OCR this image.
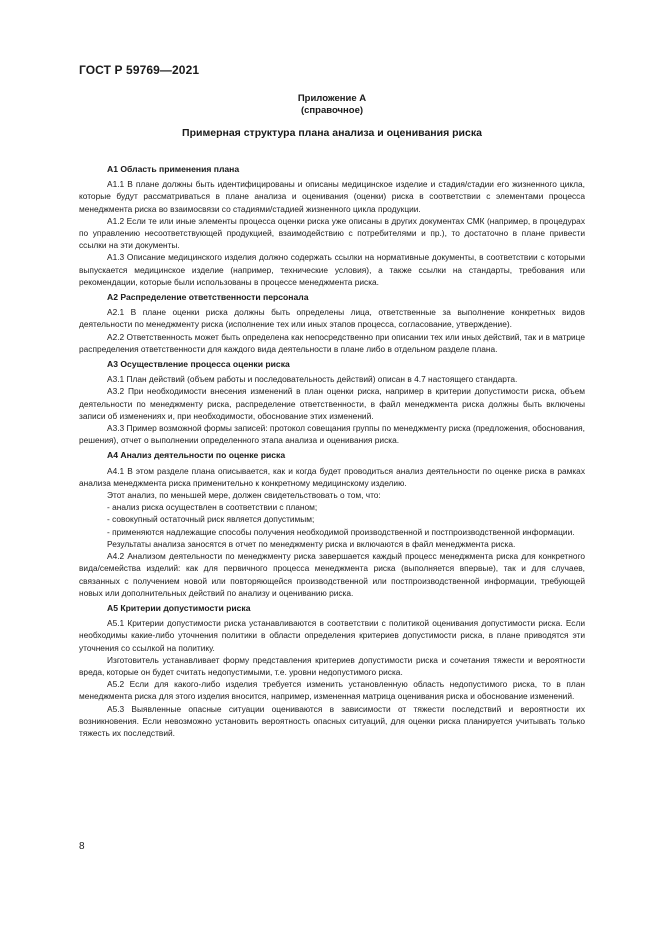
ГОСТ Р 59769—2021
Приложение А
(справочное)
Примерная структура плана анализа и оценивания риска
А1 Область применения плана

А1.1 В плане должны быть идентифицированы и описаны медицинское изделие и стадия/стадии его жизненного цикла, которые будут рассматриваться в плане анализа и оценивания (оценки) риска в соответствии с элементами процесса менеджмента риска во взаимосвязи со стадиями/стадией жизненного цикла продукции.

А1.2 Если те или иные элементы процесса оценки риска уже описаны в других документах СМК (например, в процедурах по управлению несоответствующей продукцией, взаимодействию с потребителями и пр.), то достаточно в плане привести ссылки на эти документы.

А1.3 Описание медицинского изделия должно содержать ссылки на нормативные документы, в соответствии с которыми выпускается медицинское изделие (например, технические условия), а также ссылки на стандарты, требования или рекомендации, которые были использованы в процессе менеджмента риска.

А2 Распределение ответственности персонала

А2.1 В плане оценки риска должны быть определены лица, ответственные за выполнение конкретных видов деятельности по менеджменту риска (исполнение тех или иных этапов процесса, согласование, утверждение).

А2.2 Ответственность может быть определена как непосредственно при описании тех или иных действий, так и в матрице распределения ответственности для каждого вида деятельности в плане либо в отдельном разделе плана.

А3 Осуществление процесса оценки риска

А3.1 План действий (объем работы и последовательность действий) описан в 4.7 настоящего стандарта.

А3.2 При необходимости внесения изменений в план оценки риска, например в критерии допустимости риска, объем деятельности по менеджменту риска, распределение ответственности, в файл менеджмента риска должны быть включены записи об изменениях и, при необходимости, обоснование этих изменений.

А3.3 Пример возможной формы записей: протокол совещания группы по менеджменту риска (предложения, обоснования, решения), отчет о выполнении определенного этапа анализа и оценивания риска.

А4 Анализ деятельности по оценке риска

А4.1 В этом разделе плана описывается, как и когда будет проводиться анализ деятельности по оценке риска в рамках анализа менеджмента риска применительно к конкретному медицинскому изделию.

Этот анализ, по меньшей мере, должен свидетельствовать о том, что:

- анализ риска осуществлен в соответствии с планом;

- совокупный остаточный риск является допустимым;

- применяются надлежащие способы получения необходимой производственной и постпроизводственной информации.

Результаты анализа заносятся в отчет по менеджменту риска и включаются в файл менеджмента риска.

А4.2 Анализом деятельности по менеджменту риска завершается каждый процесс менеджмента риска для конкретного вида/семейства изделий: как для первичного процесса менеджмента риска (выполняется впервые), так и для случаев, связанных с получением новой или повторяющейся производственной или постпроизводственной информации, требующей новых или дополнительных действий по анализу и оцениванию риска.

А5 Критерии допустимости риска

А5.1 Критерии допустимости риска устанавливаются в соответствии с политикой оценивания допустимости риска. Если необходимы какие-либо уточнения политики в области определения критериев допустимости риска, в плане приводятся эти уточнения со ссылкой на политику.

Изготовитель устанавливает форму представления критериев допустимости риска и сочетания тяжести и вероятности вреда, которые он будет считать недопустимыми, т.е. уровни недопустимого риска.

А5.2 Если для какого-либо изделия требуется изменить установленную область недопустимого риска, то в план менеджмента риска для этого изделия вносится, например, измененная матрица оценивания риска и обоснование изменений.

А5.3 Выявленные опасные ситуации оцениваются в зависимости от тяжести последствий и вероятности их возникновения. Если невозможно установить вероятность опасных ситуаций, для оценки риска планируется учитывать только тяжесть их последствий.

8
